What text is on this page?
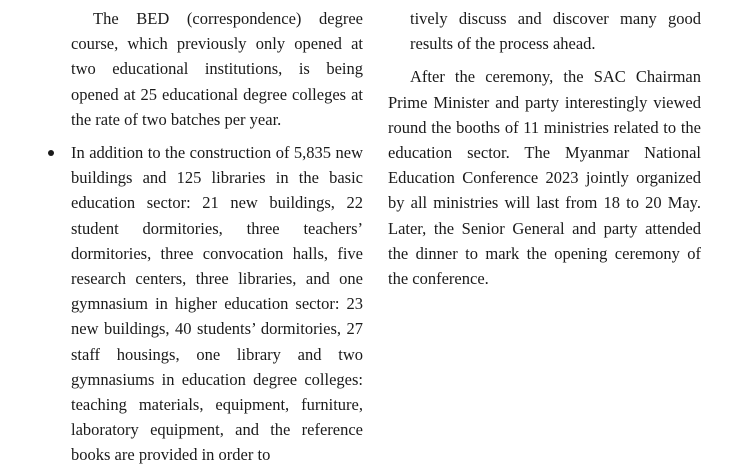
The BED (correspondence) degree course, which previously only opened at two educational institutions, is being opened at 25 educational degree colleges at the rate of two batches per year.

In addition to the construction of 5,835 new buildings and 125 libraries in the basic education sector: 21 new buildings, 22 student dormitories, three teachers’ dormitories, three convocation halls, five research centers, three libraries, and one gymnasium in higher education sector: 23 new buildings, 40 students’ dormitories, 27 staff housings, one library and two gymnasiums in education degree colleges: teaching materials, equipment, furniture, laboratory equipment, and the reference books are provided in order to

tively discuss and discover many good results of the process ahead.

After the ceremony, the SAC Chairman Prime Minister and party interestingly viewed round the booths of 11 ministries related to the education sector. The Myanmar National Education Conference 2023 jointly organized by all ministries will last from 18 to 20 May. Later, the Senior General and party attended the dinner to mark the opening ceremony of the conference.
